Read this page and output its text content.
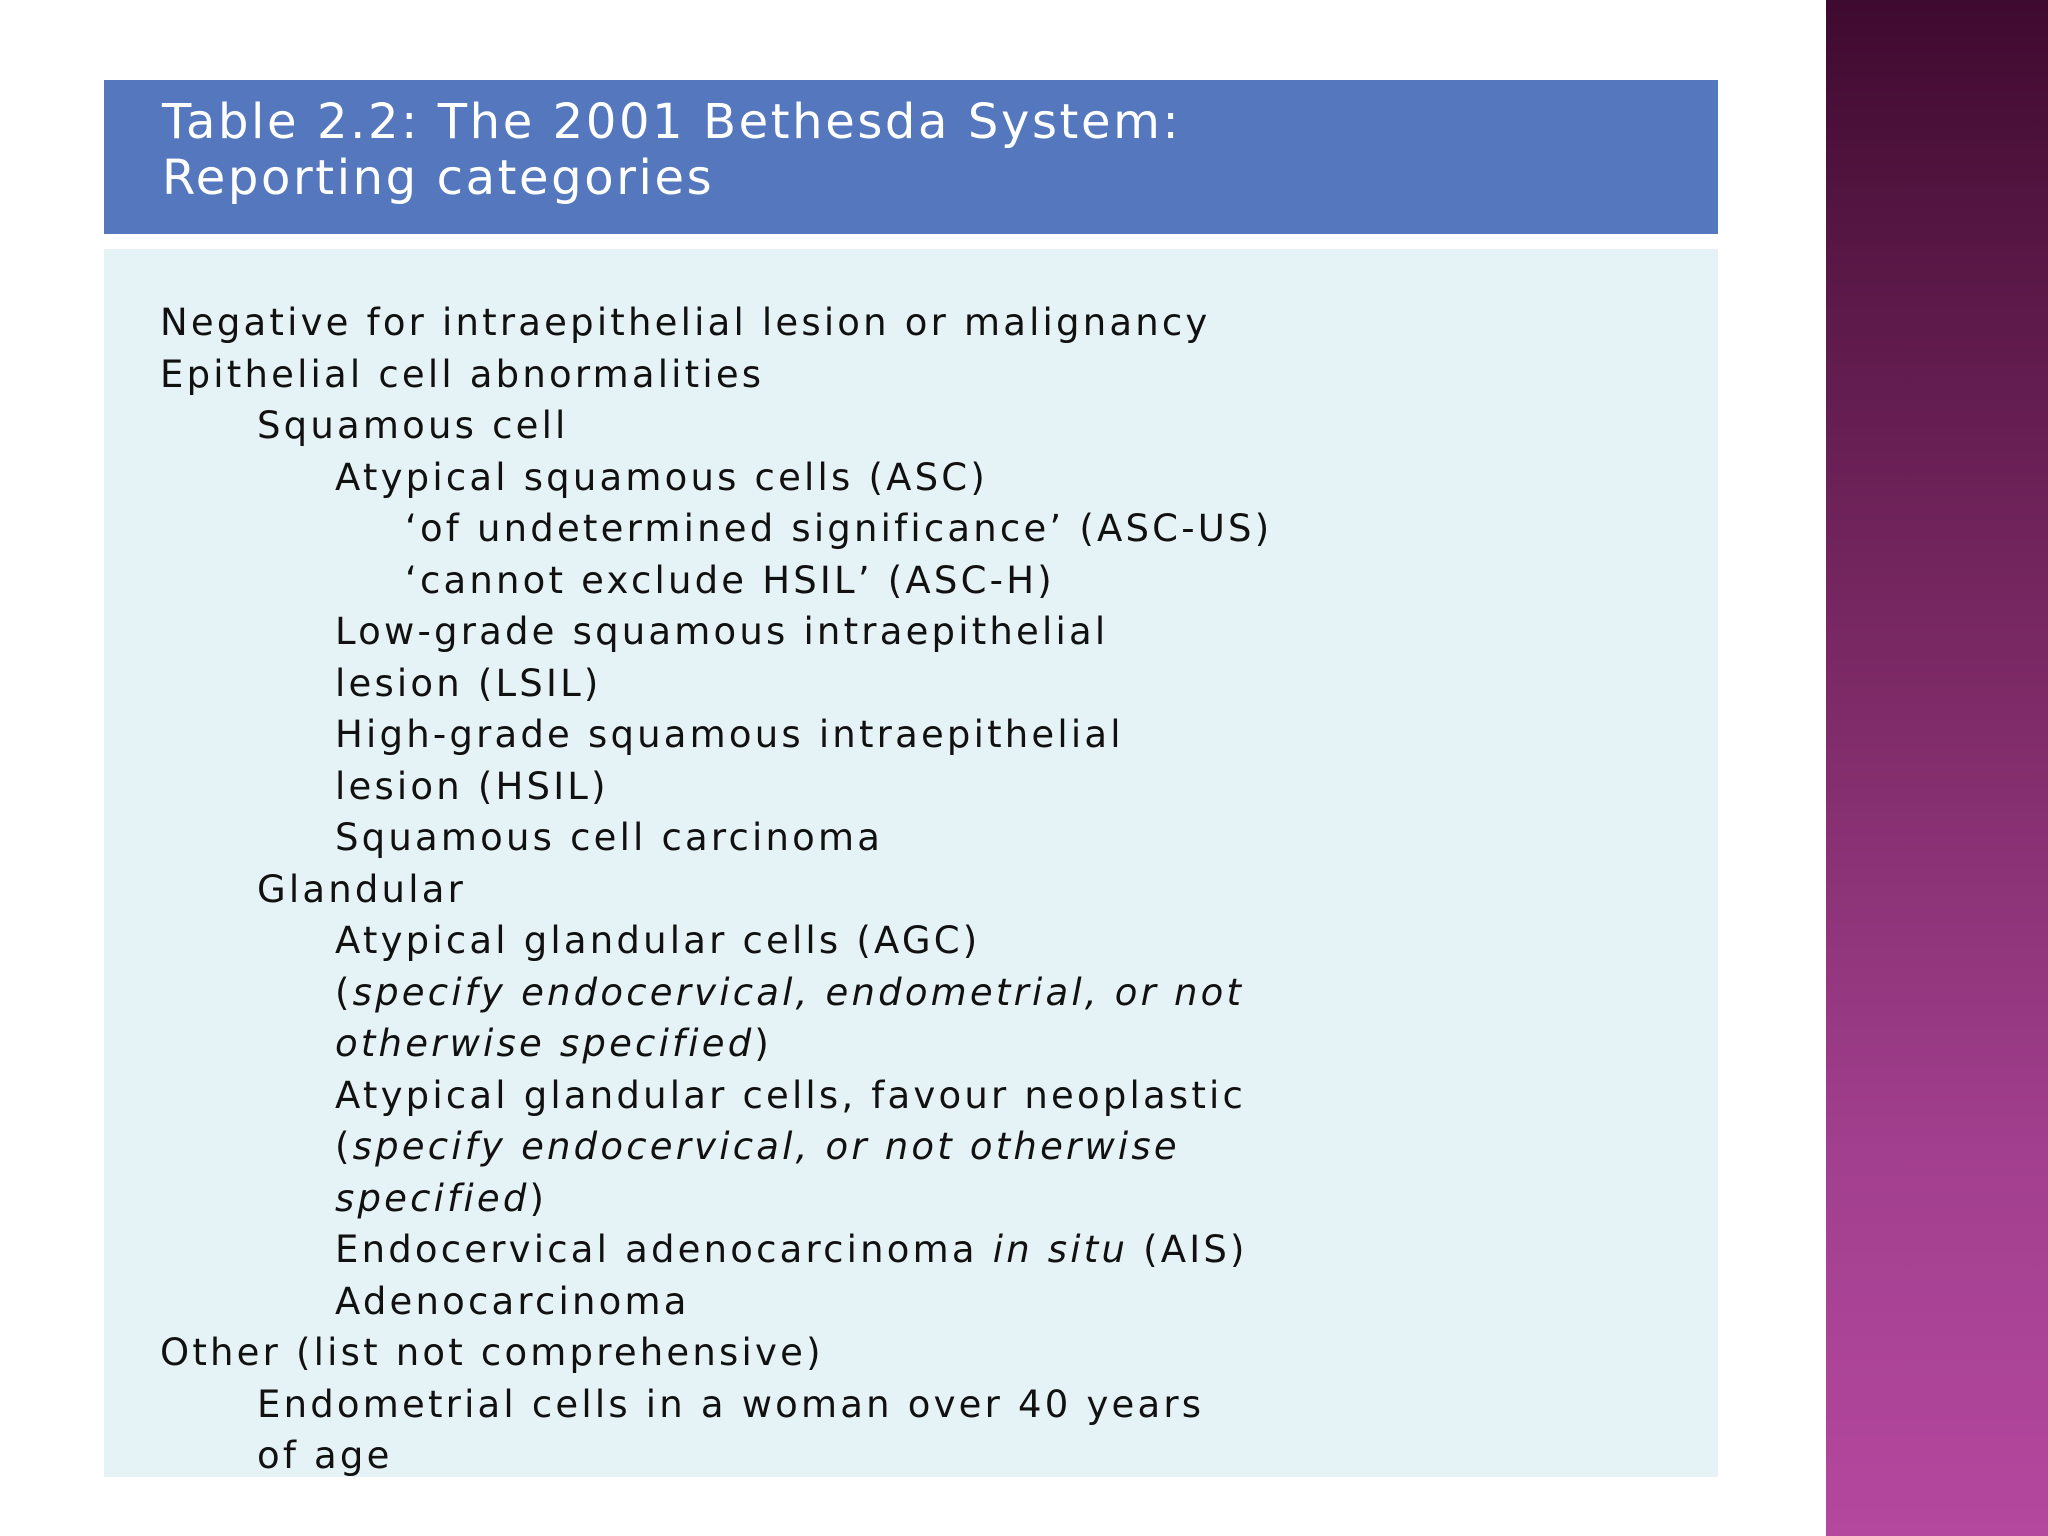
Table 2.2: The 2001 Bethesda System:
Reporting categories
Negative for intraepithelial lesion or malignancy
Epithelial cell abnormalities
Squamous cell
Atypical squamous cells (ASC)
‘of undetermined significance’ (ASC-US)
‘cannot exclude HSIL’ (ASC-H)
Low-grade squamous intraepithelial
lesion (LSIL)
High-grade squamous intraepithelial
lesion (HSIL)
Squamous cell carcinoma
Glandular
Atypical glandular cells (AGC)
(specify endocervical, endometrial, or not
otherwise specified)
Atypical glandular cells, favour neoplastic
(specify endocervical, or not otherwise
specified)
Endocervical adenocarcinoma in situ (AIS)
Adenocarcinoma
Other (list not comprehensive)
Endometrial cells in a woman over 40 years
of age
